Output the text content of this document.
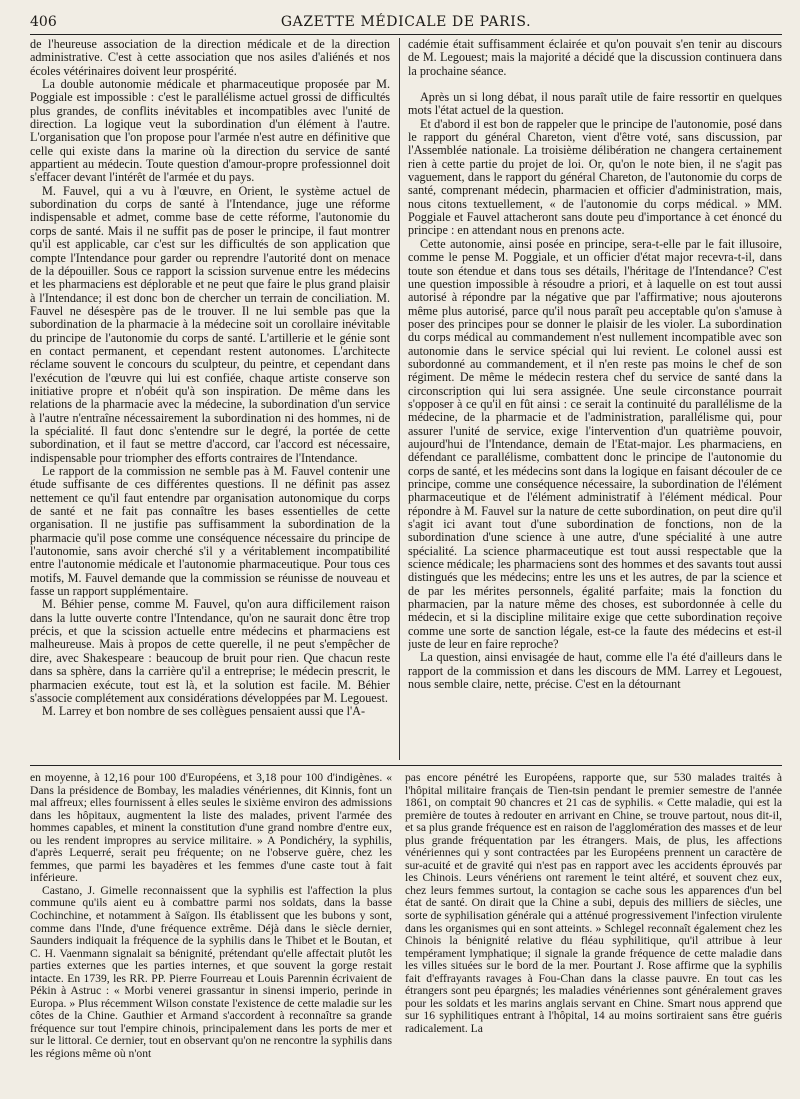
406	GAZETTE MÉDICALE DE PARIS.

de l'heureuse association de la direction médicale et de la direction administrative. C'est à cette association que nos asiles d'aliénés et nos écoles vétérinaires doivent leur prospérité.

La double autonomie médicale et pharmaceutique proposée par M. Poggiale est impossible : c'est le parallélisme actuel grossi de difficultés plus grandes, de conflits inévitables et incompatibles avec l'unité de direction. La logique veut la subordination d'un élément à l'autre. L'organisation que l'on propose pour l'armée n'est autre en définitive que celle qui existe dans la marine où la direction du service de santé appartient au médecin. Toute question d'amour-propre professionnel doit s'effacer devant l'intérêt de l'armée et du pays.

M. Fauvel, qui a vu à l'œuvre, en Orient, le système actuel de subordination du corps de santé à l'Intendance, juge une réforme indispensable et admet, comme base de cette réforme, l'autonomie du corps de santé. Mais il ne suffit pas de poser le principe, il faut montrer qu'il est applicable, car c'est sur les difficultés de son application que compte l'Intendance pour garder ou reprendre l'autorité dont on menace de la dépouiller. Sous ce rapport la scission survenue entre les médecins et les pharmaciens est déplorable et ne peut que faire le plus grand plaisir à l'Intendance; il est donc bon de chercher un terrain de conciliation. M. Fauvel ne désespère pas de le trouver. Il ne lui semble pas que la subordination de la pharmacie à la médecine soit un corollaire inévitable du principe de l'autonomie du corps de santé. L'artillerie et le génie sont en contact permanent, et cependant restent autonomes. L'architecte réclame souvent le concours du sculpteur, du peintre, et cependant dans l'exécution de l'œuvre qui lui est confiée, chaque artiste conserve son initiative propre et n'obéit qu'à son inspiration. De même dans les relations de la pharmacie avec la médecine, la subordination d'un service à l'autre n'entraîne nécessairement la subordination ni des hommes, ni de la spécialité. Il faut donc s'entendre sur le degré, la portée de cette subordination, et il faut se mettre d'accord, car l'accord est nécessaire, indispensable pour triompher des efforts contraires de l'Intendance.

Le rapport de la commission ne semble pas à M. Fauvel contenir une étude suffisante de ces différentes questions. Il ne définit pas assez nettement ce qu'il faut entendre par organisation autonomique du corps de santé et ne fait pas connaître les bases essentielles de cette organisation. Il ne justifie pas suffisamment la subordination de la pharmacie qu'il pose comme une conséquence nécessaire du principe de l'autonomie, sans avoir cherché s'il y a véritablement incompatibilité entre l'autonomie médicale et l'autonomie pharmaceutique. Pour tous ces motifs, M. Fauvel demande que la commission se réunisse de nouveau et fasse un rapport supplémentaire.

M. Béhier pense, comme M. Fauvel, qu'on aura difficilement raison dans la lutte ouverte contre l'Intendance, qu'on ne saurait donc être trop précis, et que la scission actuelle entre médecins et pharmaciens est malheureuse. Mais à propos de cette querelle, il ne peut s'empêcher de dire, avec Shakespeare : beaucoup de bruit pour rien. Que chacun reste dans sa sphère, dans la carrière qu'il a entreprise; le médecin prescrit, le pharmacien exécute, tout est là, et la solution est facile. M. Béhier s'associe complétement aux considérations développées par M. Legouest.

M. Larrey et bon nombre de ses collègues pensaient aussi que l'A-

cadémie était suffisamment éclairée et qu'on pouvait s'en tenir au discours de M. Legouest; mais la majorité a décidé que la discussion continuera dans la prochaine séance.

Après un si long débat, il nous paraît utile de faire ressortir en quelques mots l'état actuel de la question.

Et d'abord il est bon de rappeler que le principe de l'autonomie, posé dans le rapport du général Chareton, vient d'être voté, sans discussion, par l'Assemblée nationale. La troisième délibération ne changera certainement rien à cette partie du projet de loi. Or, qu'on le note bien, il ne s'agit pas vaguement, dans le rapport du général Chareton, de l'autonomie du corps de santé, comprenant médecin, pharmacien et officier d'administration, mais, nous citons textuellement, « de l'autonomie du corps médical. » MM. Poggiale et Fauvel attacheront sans doute peu d'importance à cet énoncé du principe : en attendant nous en prenons acte.

Cette autonomie, ainsi posée en principe, sera-t-elle par le fait illusoire, comme le pense M. Poggiale, et un officier d'état major recevra-t-il, dans toute son étendue et dans tous ses détails, l'héritage de l'Intendance? C'est une question impossible à résoudre a priori, et à laquelle on est tout aussi autorisé à répondre par la négative que par l'affirmative; nous ajouterons même plus autorisé, parce qu'il nous paraît peu acceptable qu'on s'amuse à poser des principes pour se donner le plaisir de les violer. La subordination du corps médical au commandement n'est nullement incompatible avec son autonomie dans le service spécial qui lui revient. Le colonel aussi est subordonné au commandement, et il n'en reste pas moins le chef de son régiment. De même le médecin restera chef du service de santé dans la circonscription qui lui sera assignée. Une seule circonstance pourrait s'opposer à ce qu'il en fût ainsi : ce serait la continuité du parallélisme de la médecine, de la pharmacie et de l'administration, parallélisme qui, pour assurer l'unité de service, exige l'intervention d'un quatrième pouvoir, aujourd'hui de l'Intendance, demain de l'Etat-major. Les pharmaciens, en défendant ce parallélisme, combattent donc le principe de l'autonomie du corps de santé, et les médecins sont dans la logique en faisant découler de ce principe, comme une conséquence nécessaire, la subordination de l'élément pharmaceutique et de l'élément administratif à l'élément médical. Pour répondre à M. Fauvel sur la nature de cette subordination, on peut dire qu'il s'agit ici avant tout d'une subordination de fonctions, non de la subordination d'une science à une autre, d'une spécialité à une autre spécialité. La science pharmaceutique est tout aussi respectable que la science médicale; les pharmaciens sont des hommes et des savants tout aussi distingués que les médecins; entre les uns et les autres, de par la science et de par les mérites personnels, égalité parfaite; mais la fonction du pharmacien, par la nature même des choses, est subordonnée à celle du médecin, et si la discipline militaire exige que cette subordination reçoive comme une sorte de sanction légale, est-ce la faute des médecins et est-il juste de leur en faire reproche?

La question, ainsi envisagée de haut, comme elle l'a été d'ailleurs dans le rapport de la commission et dans les discours de MM. Larrey et Legouest, nous semble claire, nette, précise. C'est en la détournant

en moyenne, à 12,16 pour 100 d'Européens, et 3,18 pour 100 d'indigènes. « Dans la présidence de Bombay, les maladies vénériennes, dit Kinnis, font un mal affreux; elles fournissent à elles seules le sixième environ des admissions dans les hôpitaux, augmentent la liste des malades, privent l'armée des hommes capables, et minent la constitution d'une grand nombre d'entre eux, ou les rendent impropres au service militaire. » A Pondichéry, la syphilis, d'après Lequerré, serait peu fréquente; on ne l'observe guère, chez les femmes, que parmi les bayadères et les femmes d'une caste tout à fait inférieure.

Castano, J. Gimelle reconnaissent que la syphilis est l'affection la plus commune qu'ils aient eu à combattre parmi nos soldats, dans la basse Cochinchine, et notamment à Saïgon. Ils établissent que les bubons y sont, comme dans l'Inde, d'une fréquence extrême. Déjà dans le siècle dernier, Saunders indiquait la fréquence de la syphilis dans le Thibet et le Boutan, et C. H. Vaenmann signalait sa bénignité, prétendant qu'elle affectait plutôt les parties externes que les parties internes, et que souvent la gorge restait intacte. En 1739, les RR. PP. Pierre Fourreau et Louis Parennin écrivaient de Pékin à Astruc : « Morbi venerei grassantur in sinensi imperio, perinde in Europa. » Plus récemment Wilson constate l'existence de cette maladie sur les côtes de la Chine. Gauthier et Armand s'accordent à reconnaître sa grande fréquence sur tout l'empire chinois, principalement dans les ports de mer et sur le littoral. Ce dernier, tout en observant qu'on ne rencontre la syphilis dans les régions même où n'ont

pas encore pénétré les Européens, rapporte que, sur 530 malades traités à l'hôpital militaire français de Tien-tsin pendant le premier semestre de l'année 1861, on comptait 90 chancres et 21 cas de syphilis. « Cette maladie, qui est la première de toutes à redouter en arrivant en Chine, se trouve partout, nous dit-il, et sa plus grande fréquence est en raison de l'agglomération des masses et de leur plus grande fréquentation par les étrangers. Mais, de plus, les affections vénériennes qui y sont contractées par les Européens prennent un caractère de sur-acuité et de gravité qui n'est pas en rapport avec les accidents éprouvés par les Chinois. Leurs vénériens ont rarement le teint altéré, et souvent chez eux, chez leurs femmes surtout, la contagion se cache sous les apparences d'un bel état de santé. On dirait que la Chine a subi, depuis des milliers de siècles, une sorte de syphilisation générale qui a atténué progressivement l'infection virulente dans les organismes qui en sont atteints. » Schlegel reconnaît également chez les Chinois la bénignité relative du fléau syphilitique, qu'il attribue à leur tempérament lymphatique; il signale la grande fréquence de cette maladie dans les villes situées sur le bord de la mer. Pourtant J. Rose affirme que la syphilis fait d'effrayants ravages à Fou-Chan dans la classe pauvre. En tout cas les étrangers sont peu épargnés; les maladies vénériennes sont généralement graves pour les soldats et les marins anglais servant en Chine. Smart nous apprend que sur 16 syphilitiques entrant à l'hôpital, 14 au moins sortiraient sans être guéris radicalement. La
